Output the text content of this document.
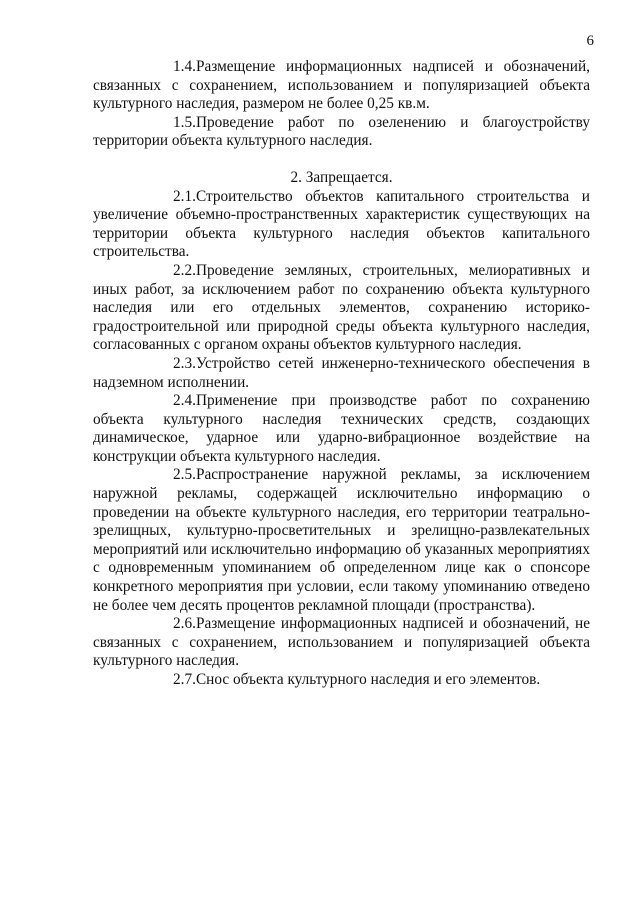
6

1.4.Размещение информационных надписей и обозначений, связанных с сохранением, использованием и популяризацией объекта культурного наследия, размером не более 0,25 кв.м.

1.5.Проведение работ по озеленению и благоустройству территории объекта культурного наследия.

2. Запрещается.

2.1.Строительство объектов капитального строительства и увеличение объемно-пространственных характеристик существующих на территории объекта культурного наследия объектов капитального строительства.

2.2.Проведение земляных, строительных, мелиоративных и иных работ, за исключением работ по сохранению объекта культурного наследия или его отдельных элементов, сохранению историко-градостроительной или природной среды объекта культурного наследия, согласованных с органом охраны объектов культурного наследия.

2.3.Устройство сетей инженерно-технического обеспечения в надземном исполнении.

2.4.Применение при производстве работ по сохранению объекта культурного наследия технических средств, создающих динамическое, ударное или ударно-вибрационное воздействие на конструкции объекта культурного наследия.

2.5.Распространение наружной рекламы, за исключением наружной рекламы, содержащей исключительно информацию о проведении на объекте культурного наследия, его территории театрально-зрелищных, культурно-просветительных и зрелищно-развлекательных мероприятий или исключительно информацию об указанных мероприятиях с одновременным упоминанием об определенном лице как о спонсоре конкретного мероприятия при условии, если такому упоминанию отведено не более чем десять процентов рекламной площади (пространства).

2.6.Размещение информационных надписей и обозначений, не связанных с сохранением, использованием и популяризацией объекта культурного наследия.

2.7.Снос объекта культурного наследия и его элементов.
